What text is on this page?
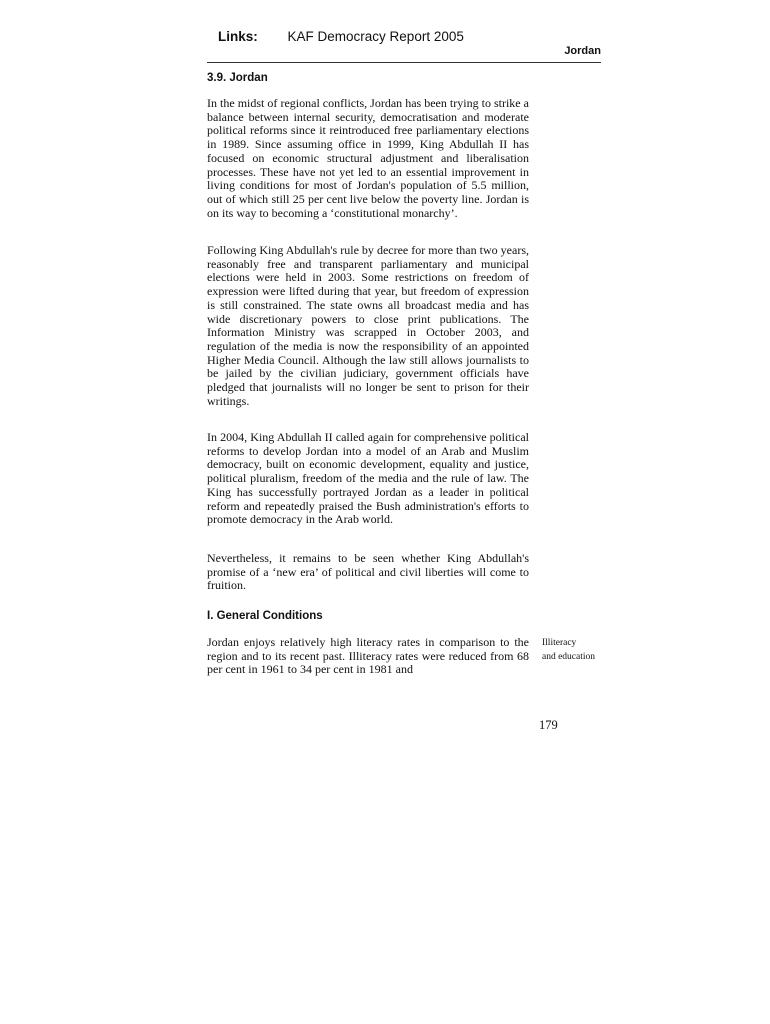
Links: KAF Democracy Report 2005
Jordan
3.9. Jordan

In the midst of regional conflicts, Jordan has been trying to strike a balance between internal security, democratisation and moderate political reforms since it reintroduced free parliamentary elections in 1989. Since assuming office in 1999, King Abdullah II has focused on economic structural adjustment and liberalisation processes. These have not yet led to an essential improvement in living conditions for most of Jordan's population of 5.5 million, out of which still 25 per cent live below the poverty line. Jordan is on its way to becoming a ‘constitutional monarchy’.

Following King Abdullah's rule by decree for more than two years, reasonably free and transparent parliamentary and municipal elections were held in 2003. Some restrictions on freedom of expression were lifted during that year, but freedom of expression is still constrained. The state owns all broadcast media and has wide discretionary powers to close print publications. The Information Ministry was scrapped in October 2003, and regulation of the media is now the responsibility of an appointed Higher Media Council. Although the law still allows journalists to be jailed by the civilian judiciary, government officials have pledged that journalists will no longer be sent to prison for their writings.

In 2004, King Abdullah II called again for comprehensive political reforms to develop Jordan into a model of an Arab and Muslim democracy, built on economic development, equality and justice, political pluralism, freedom of the media and the rule of law. The King has successfully portrayed Jordan as a leader in political reform and repeatedly praised the Bush administration's efforts to promote democracy in the Arab world.

Nevertheless, it remains to be seen whether King Abdullah's promise of a ‘new era’ of political and civil liberties will come to fruition.

I. General Conditions

Jordan enjoys relatively high literacy rates in comparison to the region and to its recent past. Illiteracy rates were reduced from 68 per cent in 1961 to 34 per cent in 1981 and

Illiteracy
and education
179
